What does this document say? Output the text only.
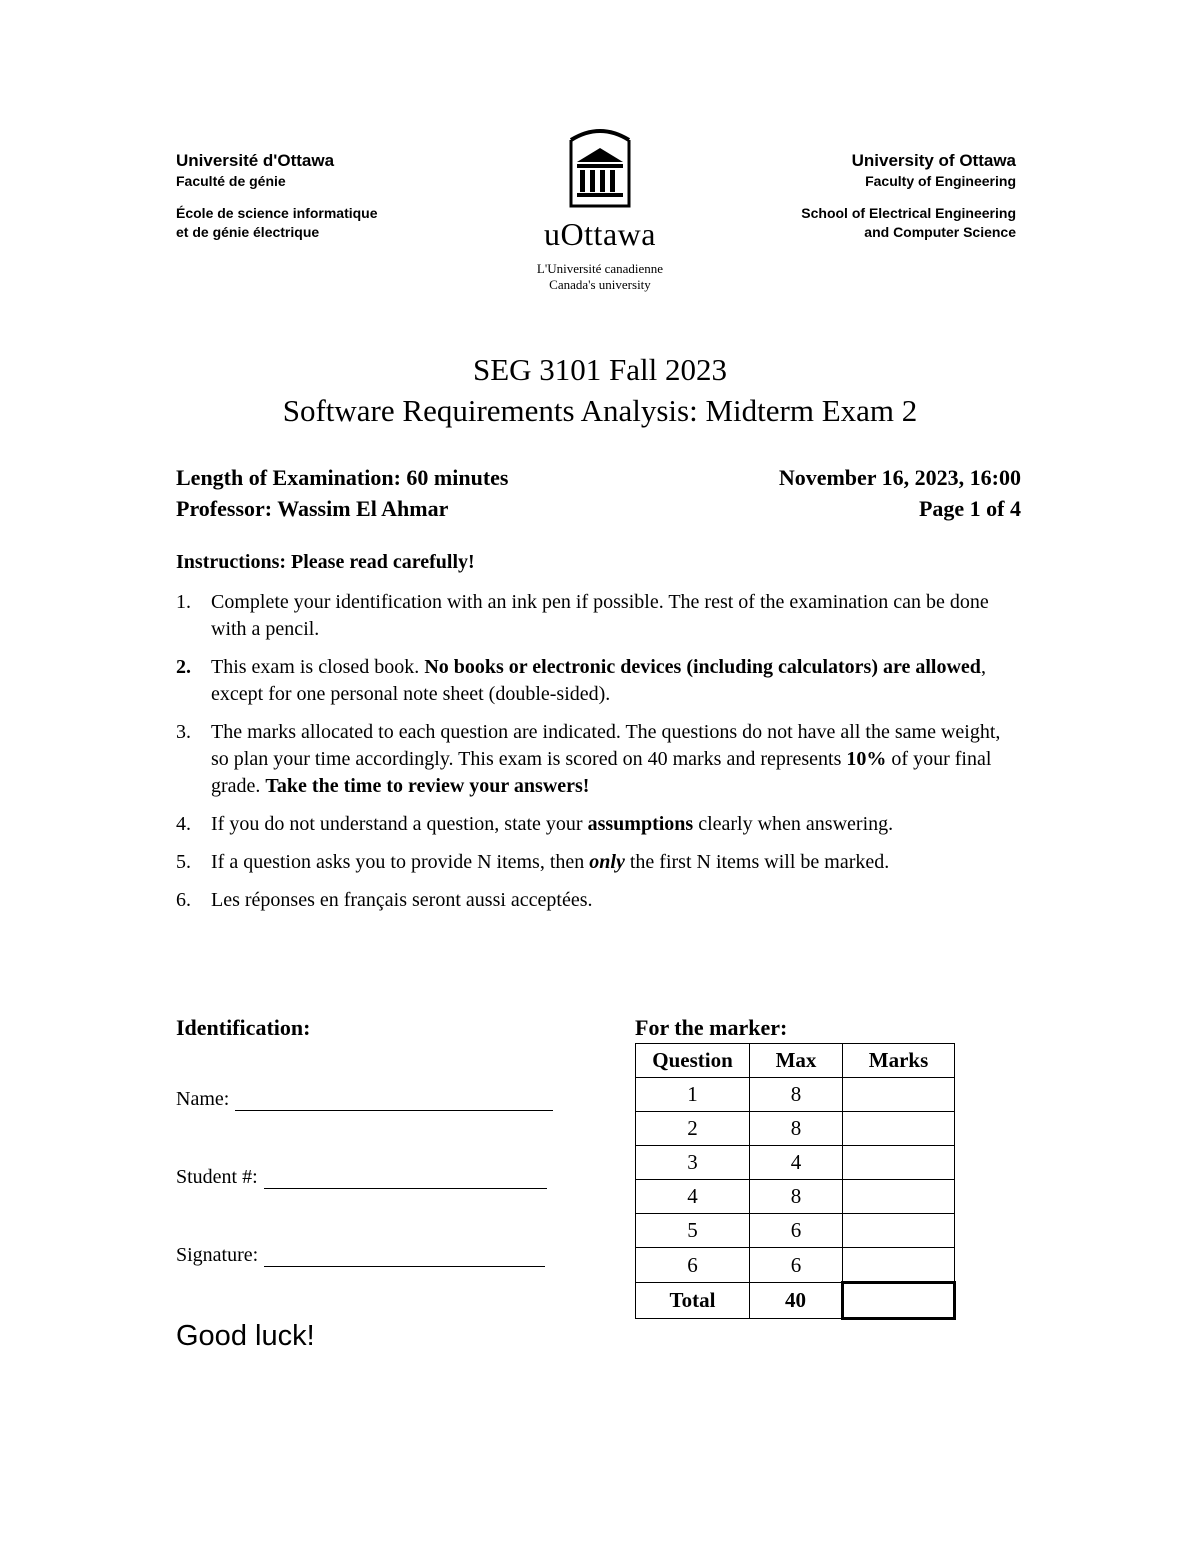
Université d'Ottawa
Faculté de génie
École de science informatique
et de génie électrique	uOttawa
L'Université canadienne
Canada's university
University of Ottawa
Faculty of Engineering
School of Electrical Engineering
and Computer Science
SEG 3101 Fall 2023
Software Requirements Analysis: Midterm Exam 2
Length of Examination: 60 minutes
Professor: Wassim El Ahmar
November 16, 2023, 16:00
Page 1 of 4
Instructions: Please read carefully!
1.	Complete your identification with an ink pen if possible. The rest of the examination can be done with a pencil.
2.	This exam is closed book. No books or electronic devices (including calculators) are allowed, except for one personal note sheet (double-sided).
3.	The marks allocated to each question are indicated. The questions do not have all the same weight, so plan your time accordingly. This exam is scored on 40 marks and represents 10% of your final grade. Take the time to review your answers!
4.	If you do not understand a question, state your assumptions clearly when answering.
5.	If a question asks you to provide N items, then only the first N items will be marked.
6.	Les réponses en français seront aussi acceptées.
Identification:
Name:
Student #:
Signature:
Good luck!
For the marker:
Question	Max	Marks
1	8	
2	8	
3	4	
4	8	
5	6	
6	6	
Total	40	
